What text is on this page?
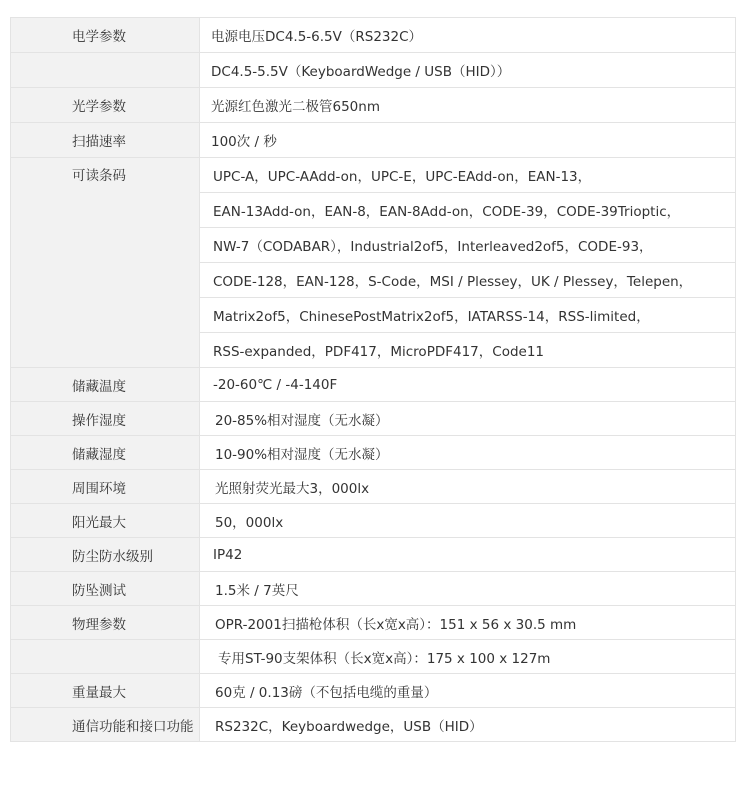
电学参数	电源电压DC4.5-6.5V（RS232C）
	DC4.5-5.5V（KeyboardWedge / USB（HID））
光学参数	光源红色激光二极管650nm
扫描速率	100次 / 秒
可读条码	UPC-A，UPC-AAdd-on，UPC-E，UPC-EAdd-on，EAN-13，
	EAN-13Add-on，EAN-8，EAN-8Add-on，CODE-39，CODE-39Trioptic，
	NW-7（CODABAR），Industrial2of5，Interleaved2of5，CODE-93，
	CODE-128，EAN-128，S-Code，MSI / Plessey，UK / Plessey，Telepen，
	Matrix2of5，ChinesePostMatrix2of5，IATARSS-14，RSS-limited，
	RSS-expanded，PDF417，MicroPDF417，Code11
储藏温度	-20-60℃ / -4-140F
操作湿度	20-85%相对湿度（无水凝）
储藏湿度	10-90%相对湿度（无水凝）
周围环境	光照射荧光最大3，000lx
阳光最大	50，000lx
防尘防水级别	IP42
防坠测试	1.5米 / 7英尺
物理参数	OPR-2001扫描枪体积（长x宽x高）：151 x 56 x 30.5 mm
	专用ST-90支架体积（长x宽x高）：175 x 100 x 127m
重量最大	60克 / 0.13磅（不包括电缆的重量）
通信功能和接口功能	RS232C，Keyboardwedge，USB（HID）
